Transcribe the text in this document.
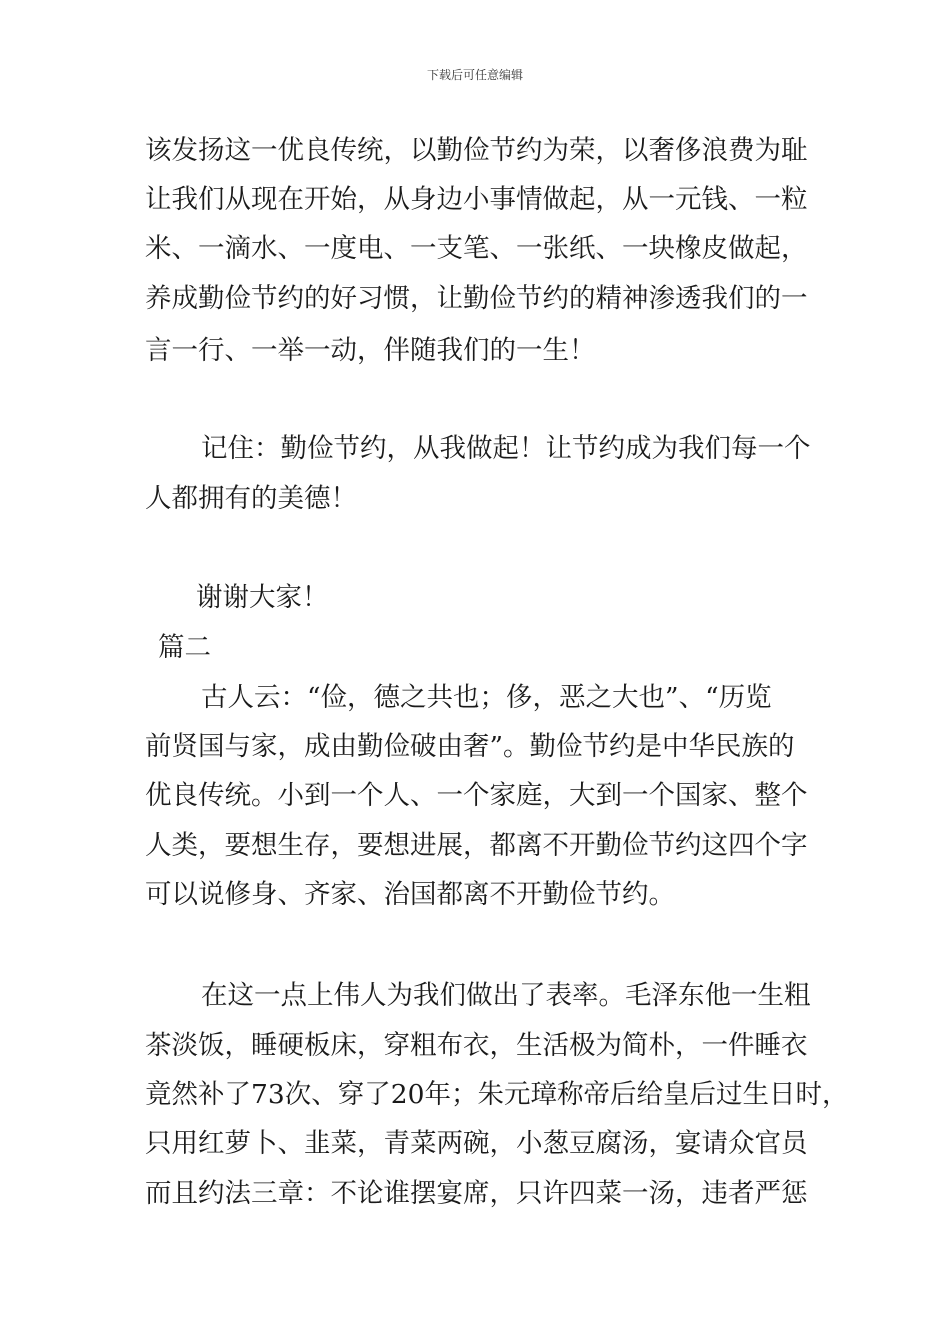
下载后可任意编辑
该发扬这一优良传统，以勤俭节约为荣，以奢侈浪费为耻
让我们从现在开始，从身边小事情做起，从一元钱、一粒
米、一滴水、一度电、一支笔、一张纸、一块橡皮做起，
养成勤俭节约的好习惯，让勤俭节约的精神渗透我们的一
言一行、一举一动，伴随我们的一生！
记住：勤俭节约，从我做起！让节约成为我们每一个
人都拥有的美德！
谢谢大家！
篇二
古人云：“俭，德之共也；侈，恶之大也”、“历览
前贤国与家，成由勤俭破由奢”。勤俭节约是中华民族的
优良传统。小到一个人、一个家庭，大到一个国家、整个
人类，要想生存，要想进展，都离不开勤俭节约这四个字
可以说修身、齐家、治国都离不开勤俭节约。
在这一点上伟人为我们做出了表率。毛泽东他一生粗
茶淡饭，睡硬板床，穿粗布衣，生活极为简朴，一件睡衣
竟然补了73次、穿了20年；朱元璋称帝后给皇后过生日时，
只用红萝卜、韭菜，青菜两碗，小葱豆腐汤，宴请众官员
而且约法三章：不论谁摆宴席，只许四菜一汤，违者严惩
